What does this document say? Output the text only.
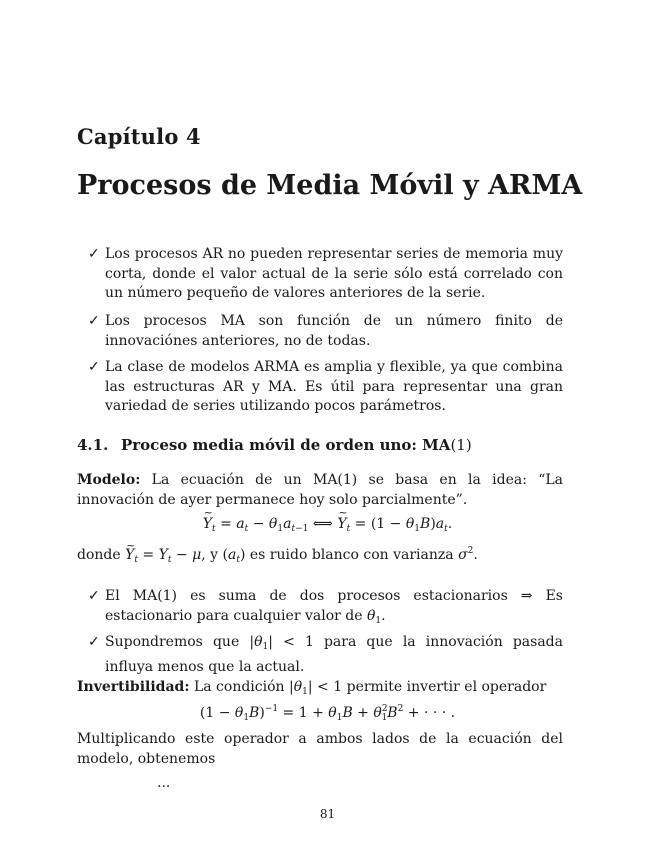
Capítulo 4
Procesos de Media Móvil y ARMA
✓ Los procesos AR no pueden representar series de memoria muy corta, donde el valor actual de la serie sólo está correlado con un número pequeño de valores anteriores de la serie.
✓ Los procesos MA son función de un número finito de innovaciónes anteriores, no de todas.
✓ La clase de modelos ARMA es amplia y flexible, ya que combina las estructuras AR y MA. Es útil para representar una gran variedad de series utilizando pocos parámetros.
4.1. Proceso media móvil de orden uno: MA(1)
Modelo: La ecuación de un MA(1) se basa en la idea: “La innovación de ayer permanece hoy solo parcialmente”.
~ $Y_t = a_t - \theta_1a_{t-1}$ ⟺ ~ $Y_t = (1 - \theta_1B)a_t$.
donde ~ $Y_t = Y_t - \mu$, y $(a_t)$ es ruido blanco con varianza $\sigma^2$.
✓ El MA(1) es suma de dos procesos estacionarios ⇒ Es estacionario para cualquier valor de $\theta_1$.
✓ Supondremos que $|\theta_1| < 1$ para que la innovación pasada influya menos que la actual.
Invertibilidad: La condición $|\theta_1| < 1$ permite invertir el operador
$(1 - \theta_1B)^{-1} = 1 + \theta_1B + \theta^2_1B^2$ + · · · .
Multiplicando este operador a ambos lados de la ecuación del modelo, obtenemos
...
81
